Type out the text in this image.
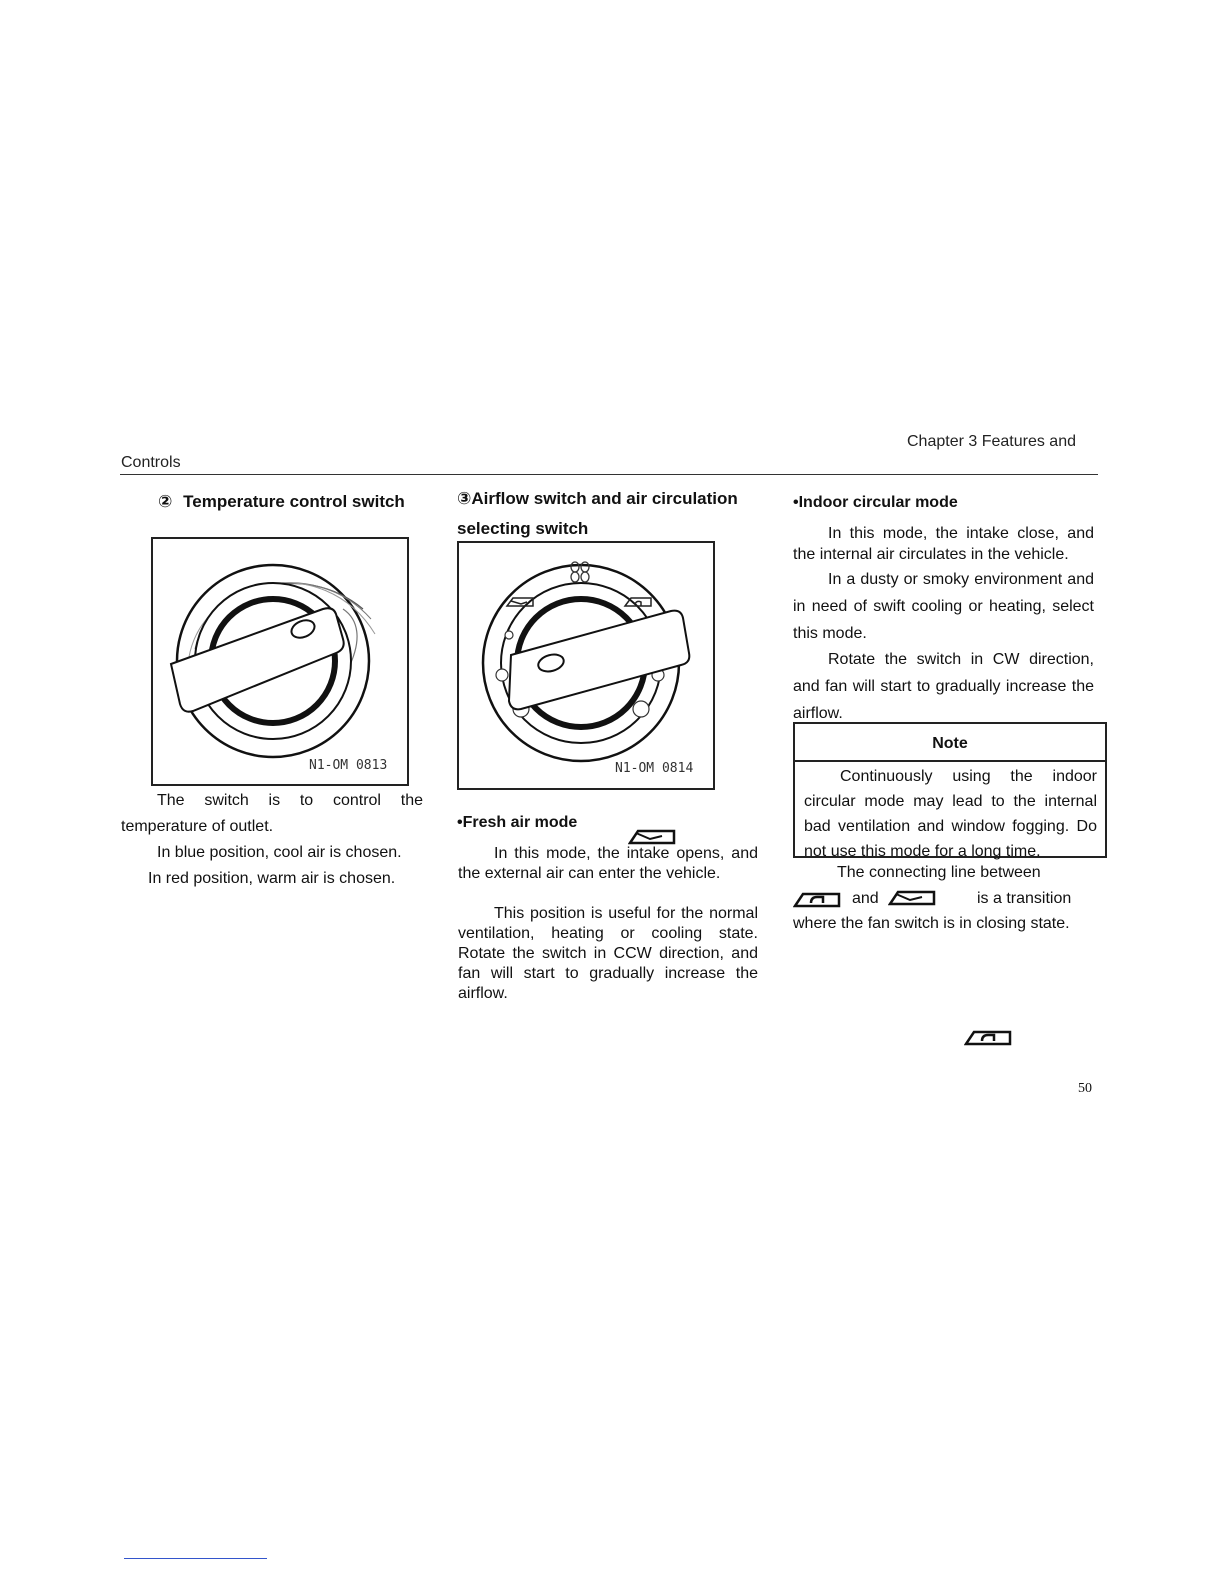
Chapter 3 Features and
Controls
② Temperature control switch
N1-OM 0813
The switch is to control the temperature of outlet.
In blue position, cool air is chosen.
In red position, warm air is chosen.
③Airflow switch and air circulation
selecting switch
N1-OM 0814
•Fresh air mode
In this mode, the intake opens, and the external air can enter the vehicle.
This position is useful for the normal ventilation, heating or cooling state. Rotate the switch in CCW direction, and fan will start to gradually increase the airflow.
•Indoor circular mode
In this mode, the intake close, and the internal air circulates in the vehicle.
In a dusty or smoky environment and in need of swift cooling or heating, select this mode.
Rotate the switch in CW direction, and fan will start to gradually increase the airflow.
Note
Continuously using the indoor circular mode may lead to the internal bad ventilation and window fogging. Do not use this mode for a long time.
The connecting line between
and	is a transition
where the fan switch is in closing state.
50
